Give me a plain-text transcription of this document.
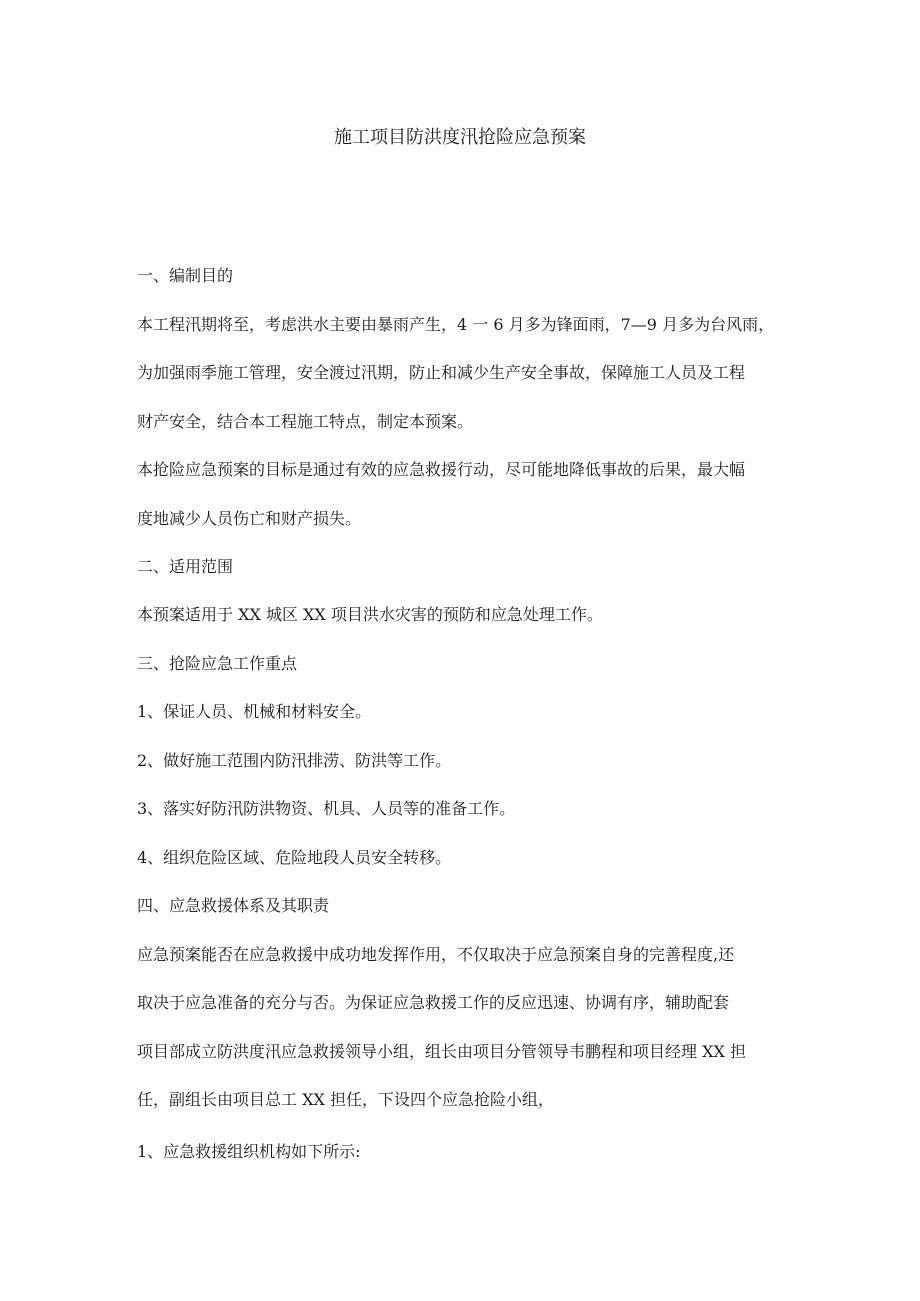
施工项目防洪度汛抢险应急预案

一、编制目的

本工程汛期将至，考虑洪水主要由暴雨产生，4 一 6 月多为锋面雨，7—9 月多为台风雨，

为加强雨季施工管理，安全渡过汛期，防止和减少生产安全事故，保障施工人员及工程

财产安全，结合本工程施工特点，制定本预案。

本抢险应急预案的目标是通过有效的应急救援行动，尽可能地降低事故的后果，最大幅

度地减少人员伤亡和财产损失。

二、适用范围

本预案适用于 XX 城区 XX 项目洪水灾害的预防和应急处理工作。

三、抢险应急工作重点

1、保证人员、机械和材料安全。

2、做好施工范围内防汛排涝、防洪等工作。

3、落实好防汛防洪物资、机具、人员等的准备工作。

4、组织危险区域、危险地段人员安全转移。

四、应急救援体系及其职责

应急预案能否在应急救援中成功地发挥作用，不仅取决于应急预案自身的完善程度,还

取决于应急准备的充分与否。为保证应急救援工作的反应迅速、协调有序，辅助配套

项目部成立防洪度汛应急救援领导小组，组长由项目分管领导韦鹏程和项目经理 XX 担

任，副组长由项目总工 XX 担任，下设四个应急抢险小组，

1、应急救援组织机构如下所示:
